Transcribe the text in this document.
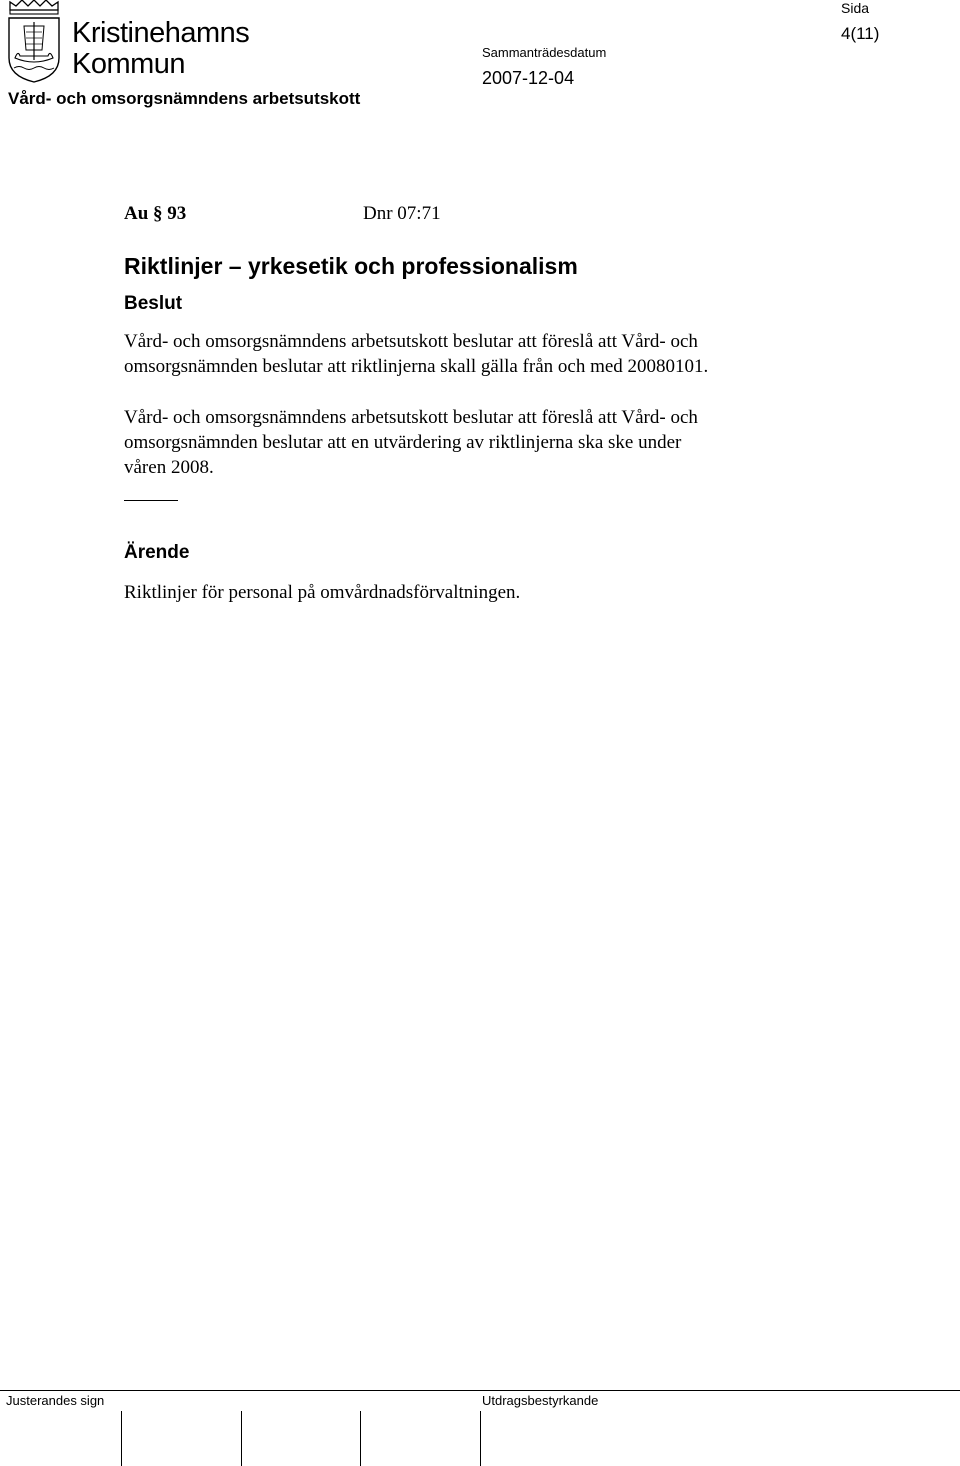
Kristinehamns
Kommun
Vård- och omsorgsnämndens arbetsutskott
Sammanträdesdatum
2007-12-04
Sida
4(11)
Au § 93	Dnr 07:71
Riktlinjer – yrkesetik och professionalism
Beslut

Vård- och omsorgsnämndens arbetsutskott beslutar att föreslå att Vård- och

omsorgsnämnden beslutar att riktlinjerna skall gälla från och med 20080101.

Vård- och omsorgsnämndens arbetsutskott beslutar att föreslå att Vård- och

omsorgsnämnden beslutar att en utvärdering av riktlinjerna ska ske under

våren 2008.

Ärende
Riktlinjer för personal på omvårdnadsförvaltningen.
Justerandes sign	Utdragsbestyrkande
